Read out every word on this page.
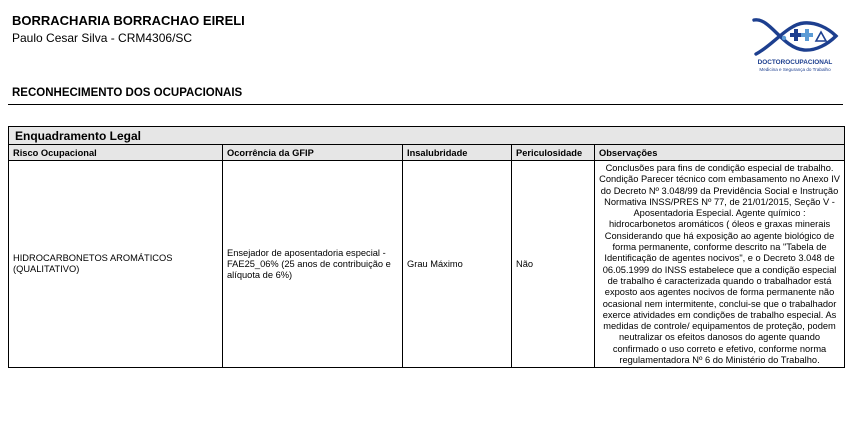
BORRACHARIA BORRACHAO EIRELI
Paulo Cesar Silva - CRM4306/SC
DOCTOROCUPACIONAL
Medicina e Segurança do Trabalho
RECONHECIMENTO DOS OCUPACIONAIS
Enquadramento Legal				
Risco Ocupacional	Ocorrência da GFIP	Insalubridade	Periculosidade	Observações
HIDROCARBONETOS AROMÁTICOS (QUALITATIVO)	Ensejador de aposentadoria especial - FAE25_06% (25 anos de contribuição e alíquota de 6%)	Grau Máximo	Não	Conclusões para fins de condição especial de trabalho. Condição Parecer técnico com embasamento no Anexo IV do Decreto Nº 3.048/99 da Previdência Social e Instrução Normativa INSS/PRES Nº 77, de 21/01/2015, Seção V - Aposentadoria Especial. Agente químico : hidrocarbonetos aromáticos ( óleos e graxas minerais Considerando que há exposição ao agente biológico de forma permanente, conforme descrito na "Tabela de Identificação de agentes nocivos", e o Decreto 3.048 de 06.05.1999 do INSS estabelece que a condição especial de trabalho é caracterizada quando o trabalhador está exposto aos agentes nocivos de forma permanente não ocasional nem intermitente, conclui-se que o trabalhador exerce atividades em condições de trabalho especial. As medidas de controle/ equipamentos de proteção, podem neutralizar os efeitos danosos do agente quando confirmado o uso correto e efetivo, conforme norma regulamentadora Nº 6 do Ministério do Trabalho.
